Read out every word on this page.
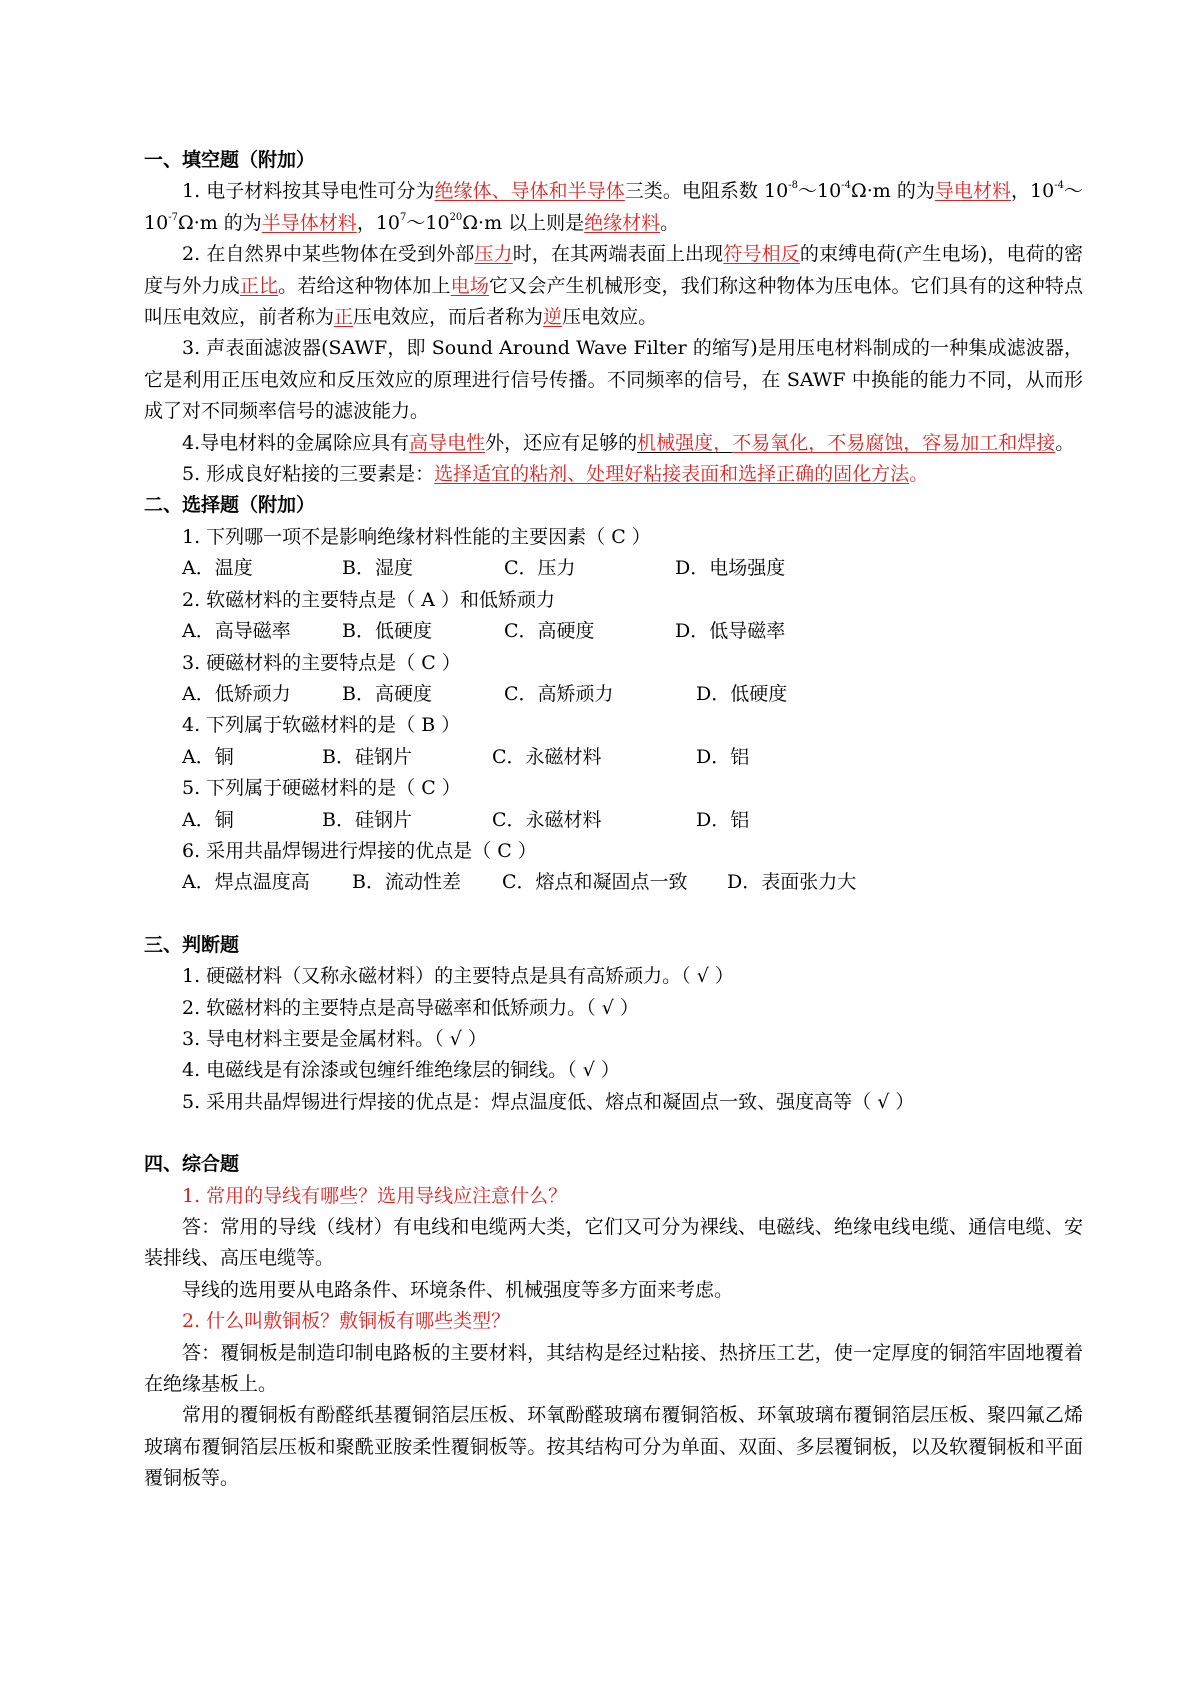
一、填空题（附加）
1. 电子材料按其导电性可分为绝缘体、导体和半导体三类。电阻系数 $10^{-8}\sim 10^{-4}\Omega\cdot m$ 的为导电材料，$10^{-4}\sim 10^{-7}\Omega\cdot m$ 的为半导体材料，$10^7\sim 10^{20}\Omega\cdot m$ 以上则是绝缘材料。
2. 在自然界中某些物体在受到外部压力时，在其两端表面上出现符号相反的束缚电荷(产生电场)，电荷的密度与外力成正比。若给这种物体加上电场它又会产生机械形变，我们称这种物体为压电体。它们具有的这种特点叫压电效应，前者称为正压电效应，而后者称为逆压电效应。
3. 声表面滤波器(SAWF，即 Sound Around Wave Filter 的缩写)是用压电材料制成的一种集成滤波器，它是利用正压电效应和反压效应的原理进行信号传播。不同频率的信号，在 SAWF 中换能的能力不同，从而形成了对不同频率信号的滤波能力。
4.导电材料的金属除应具有高导电性外，还应有足够的机械强度，不易氧化，不易腐蚀，容易加工和焊接。
5. 形成良好粘接的三要素是：选择适宜的粘剂、处理好粘接表面和选择正确的固化方法。
二、选择题（附加）
1. 下列哪一项不是影响绝缘材料性能的主要因素（ C ）
A．温度	B．湿度	C．压力	D．电场强度
2. 软磁材料的主要特点是（ A ）和低矫顽力
A．高导磁率	B．低硬度	C．高硬度	D．低导磁率
3. 硬磁材料的主要特点是（ C ）
A．低矫顽力	B．高硬度	C．高矫顽力	D．低硬度
4. 下列属于软磁材料的是（ B ）
A．铜	B．硅钢片	C．永磁材料	D．铝
5. 下列属于硬磁材料的是（ C ）
A．铜	B．硅钢片	C．永磁材料	D．铝
6. 采用共晶焊锡进行焊接的优点是（ C ）
A．焊点温度高	B．流动性差	C．熔点和凝固点一致	D．表面张力大
三、判断题
1. 硬磁材料（又称永磁材料）的主要特点是具有高矫顽力。（ √ ）
2. 软磁材料的主要特点是高导磁率和低矫顽力。（ √ ）
3. 导电材料主要是金属材料。（ √ ）
4. 电磁线是有涂漆或包缠纤维绝缘层的铜线。（ √ ）
5. 采用共晶焊锡进行焊接的优点是：焊点温度低、熔点和凝固点一致、强度高等（ √ ）
四、综合题
1. 常用的导线有哪些？选用导线应注意什么？
答：常用的导线（线材）有电线和电缆两大类，它们又可分为裸线、电磁线、绝缘电线电缆、通信电缆、安装排线、高压电缆等。
导线的选用要从电路条件、环境条件、机械强度等多方面来考虑。
2. 什么叫敷铜板？敷铜板有哪些类型？
答：覆铜板是制造印制电路板的主要材料，其结构是经过粘接、热挤压工艺，使一定厚度的铜箔牢固地覆着在绝缘基板上。
常用的覆铜板有酚醛纸基覆铜箔层压板、环氧酚醛玻璃布覆铜箔板、环氧玻璃布覆铜箔层压板、聚四氟乙烯玻璃布覆铜箔层压板和聚酰亚胺柔性覆铜板等。按其结构可分为单面、双面、多层覆铜板，以及软覆铜板和平面覆铜板等。
